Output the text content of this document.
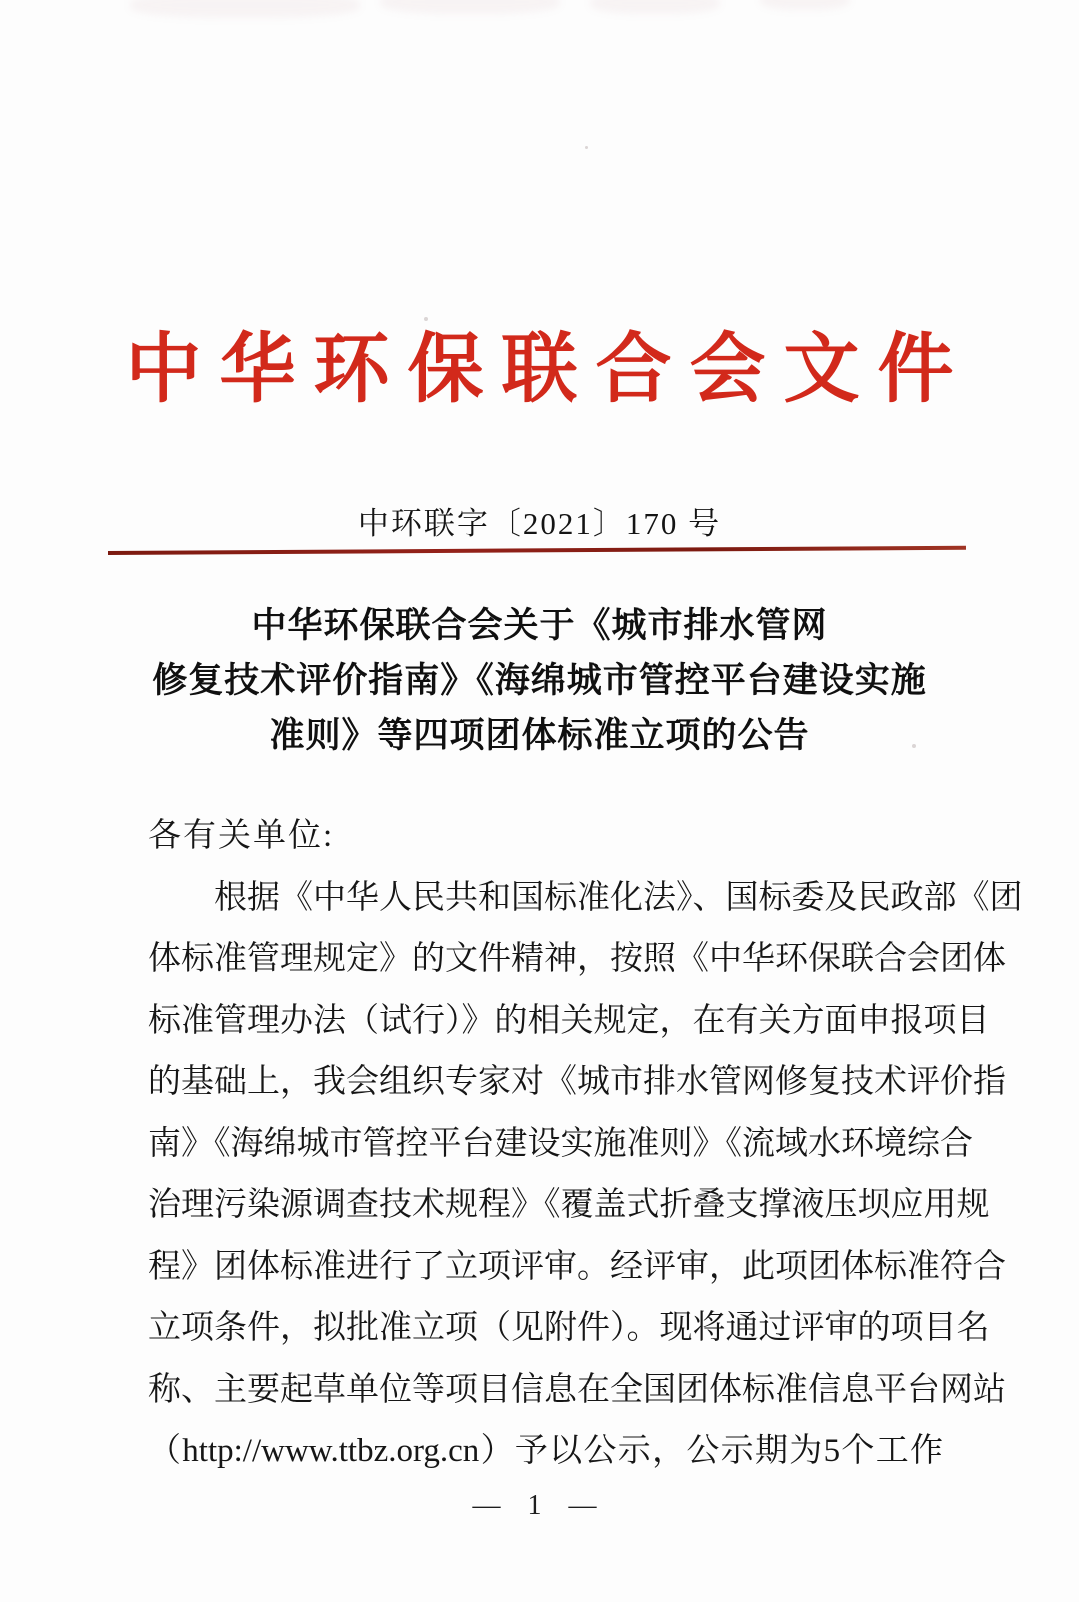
中华环保联合会文件
中环联字〔2021〕170 号
中华环保联合会关于《城市排水管网
修复技术评价指南》《海绵城市管控平台建设实施
准则》等四项团体标准立项的公告
各有关单位:
根据《中华人民共和国标准化法》、国标委及民政部《团
体标准管理规定》的文件精神，按照《中华环保联合会团体
标准管理办法（试行）》的相关规定，在有关方面申报项目
的基础上，我会组织专家对《城市排水管网修复技术评价指
南》《海绵城市管控平台建设实施准则》《流域水环境综合
治理污染源调查技术规程》《覆盖式折叠支撑液压坝应用规
程》团体标准进行了立项评审。经评审，此项团体标准符合
立项条件，拟批准立项（见附件）。现将通过评审的项目名
称、主要起草单位等项目信息在全国团体标准信息平台网站
（http://www.ttbz.org.cn）予以公示，公示期为5个工作
— 1 —
